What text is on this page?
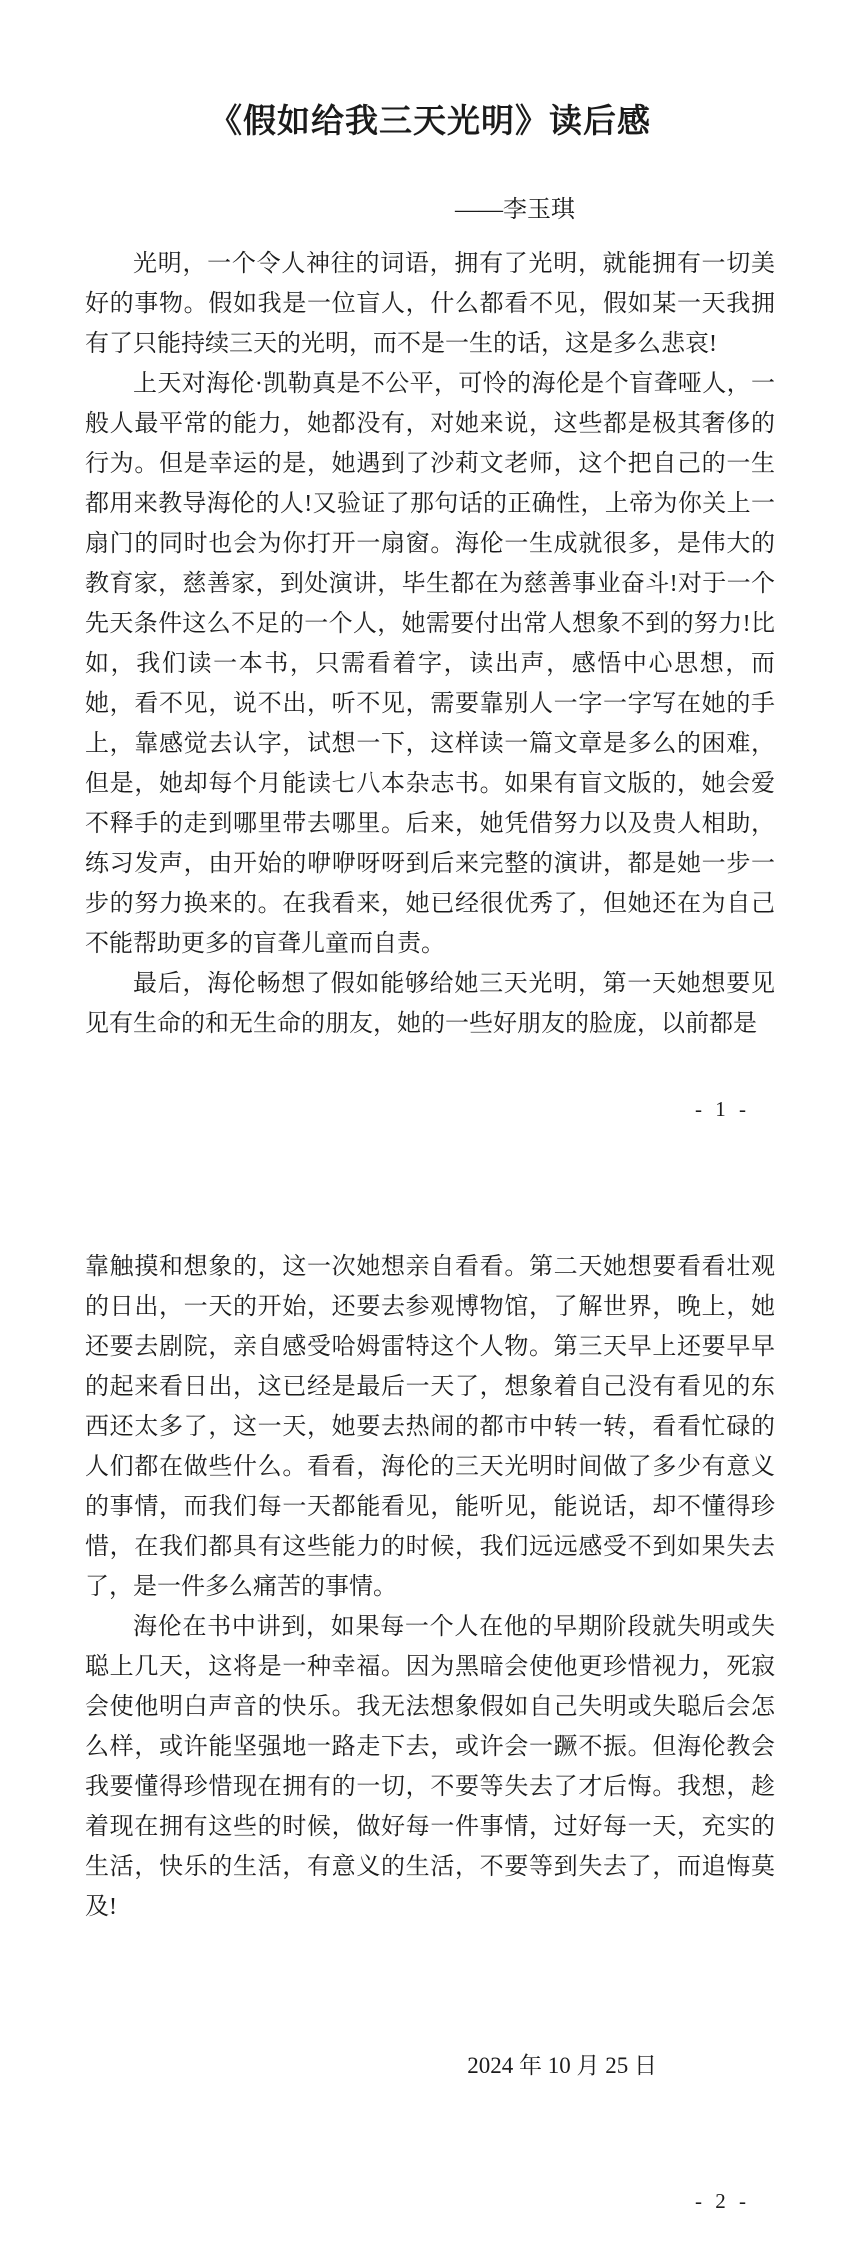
《假如给我三天光明》读后感
——李玉琪

光明，一个令人神往的词语，拥有了光明，就能拥有一切美好的事物。假如我是一位盲人，什么都看不见，假如某一天我拥有了只能持续三天的光明，而不是一生的话，这是多么悲哀!

上天对海伦·凯勒真是不公平，可怜的海伦是个盲聋哑人，一般人最平常的能力，她都没有，对她来说，这些都是极其奢侈的行为。但是幸运的是，她遇到了沙莉文老师，这个把自己的一生都用来教导海伦的人!又验证了那句话的正确性，上帝为你关上一扇门的同时也会为你打开一扇窗。海伦一生成就很多，是伟大的教育家，慈善家，到处演讲，毕生都在为慈善事业奋斗!对于一个先天条件这么不足的一个人，她需要付出常人想象不到的努力!比如，我们读一本书，只需看着字，读出声，感悟中心思想，而她，看不见，说不出，听不见，需要靠别人一字一字写在她的手上，靠感觉去认字，试想一下，这样读一篇文章是多么的困难，但是，她却每个月能读七八本杂志书。如果有盲文版的，她会爱不释手的走到哪里带去哪里。后来，她凭借努力以及贵人相助，练习发声，由开始的咿咿呀呀到后来完整的演讲，都是她一步一步的努力换来的。在我看来，她已经很优秀了，但她还在为自己不能帮助更多的盲聋儿童而自责。

最后，海伦畅想了假如能够给她三天光明，第一天她想要见见有生命的和无生命的朋友，她的一些好朋友的脸庞，以前都是

- 1 -

靠触摸和想象的，这一次她想亲自看看。第二天她想要看看壮观的日出，一天的开始，还要去参观博物馆，了解世界，晚上，她还要去剧院，亲自感受哈姆雷特这个人物。第三天早上还要早早的起来看日出，这已经是最后一天了，想象着自己没有看见的东西还太多了，这一天，她要去热闹的都市中转一转，看看忙碌的人们都在做些什么。看看，海伦的三天光明时间做了多少有意义的事情，而我们每一天都能看见，能听见，能说话，却不懂得珍惜，在我们都具有这些能力的时候，我们远远感受不到如果失去了，是一件多么痛苦的事情。

海伦在书中讲到，如果每一个人在他的早期阶段就失明或失聪上几天，这将是一种幸福。因为黑暗会使他更珍惜视力，死寂会使他明白声音的快乐。我无法想象假如自己失明或失聪后会怎么样，或许能坚强地一路走下去，或许会一蹶不振。但海伦教会我要懂得珍惜现在拥有的一切，不要等失去了才后悔。我想，趁着现在拥有这些的时候，做好每一件事情，过好每一天，充实的生活，快乐的生活，有意义的生活，不要等到失去了，而追悔莫及!

2024 年 10 月 25 日
- 2 -
